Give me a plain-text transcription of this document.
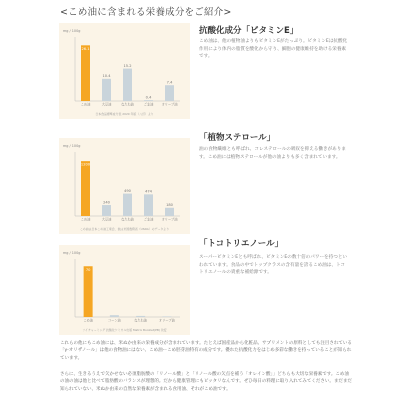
<こめ油に含まれる栄養成分をご紹介>
mg / 100g
26.1
こめ油
10.4
大豆油
15.2
なたね油
0.4
ごま油
7.4
オリーブ油
日本食品標準成分表 2020 年版（八訂）より
抗酸化成分「ビタミンE」
こめ油は、他の植物油よりもビタミンEがたっぷり。ビタミンEは抗酸化作用により体内の脂質を酸化から守り、細胞の健康維持を助ける栄養素です。
mg / 100g
1200
こめ油
240
大豆油
490
なたね油
474
ごま油
180
オリーブ油
こめ油は日本こめ油工業会、他は米国農務省（USDA）のデータより
「植物ステロール」
油の食物繊維とも呼ばれ、コレステロールの吸収を抑える働きがあります。こめ油には植物ステロールが他の油よりも多く含まれています。
mg / 100g
70
こめ油	コーン油	なたね油	オリーブ油
ソイチャーミング 抗酸化ケミカル出版 Matrix Booklet(PB) 改変
「トコトリエノール」
スーパービタミンEとも呼ばれ、ビタミンEの数十倍のパワーを持つといわれています。食品の中でトップクラスの含有量を誇るこめ油は、トコトリエノールの貴重な補給源です。
これらの他にもこめ油には、米ぬか由来の栄養成分が含まれています。たとえば国産品から化粧品、サプリメントの原料としても注目されている「γ-オリザノール」は他の食物油にはない、こめ油ーこめ胚芽油特有の成分です。優れた抗酸化力をはじめ多彩な働きを持っていることが知られています。
さらに、生きるうえで欠かせない必須脂肪酸の「リノール酸」と「リノール酸の欠点を補う「オレイン酸」」どちらも大切な栄養素です。こめ油の油の油は他と比べて脂肪酸のバランスが理想的。だから健康管理にもピッタリなんです。ぜひ毎日の料理に取り入れてみてください。まだまだ知られていない、米ぬか由来の自然な栄養素が含まれる食用油、それがこめ油です。
